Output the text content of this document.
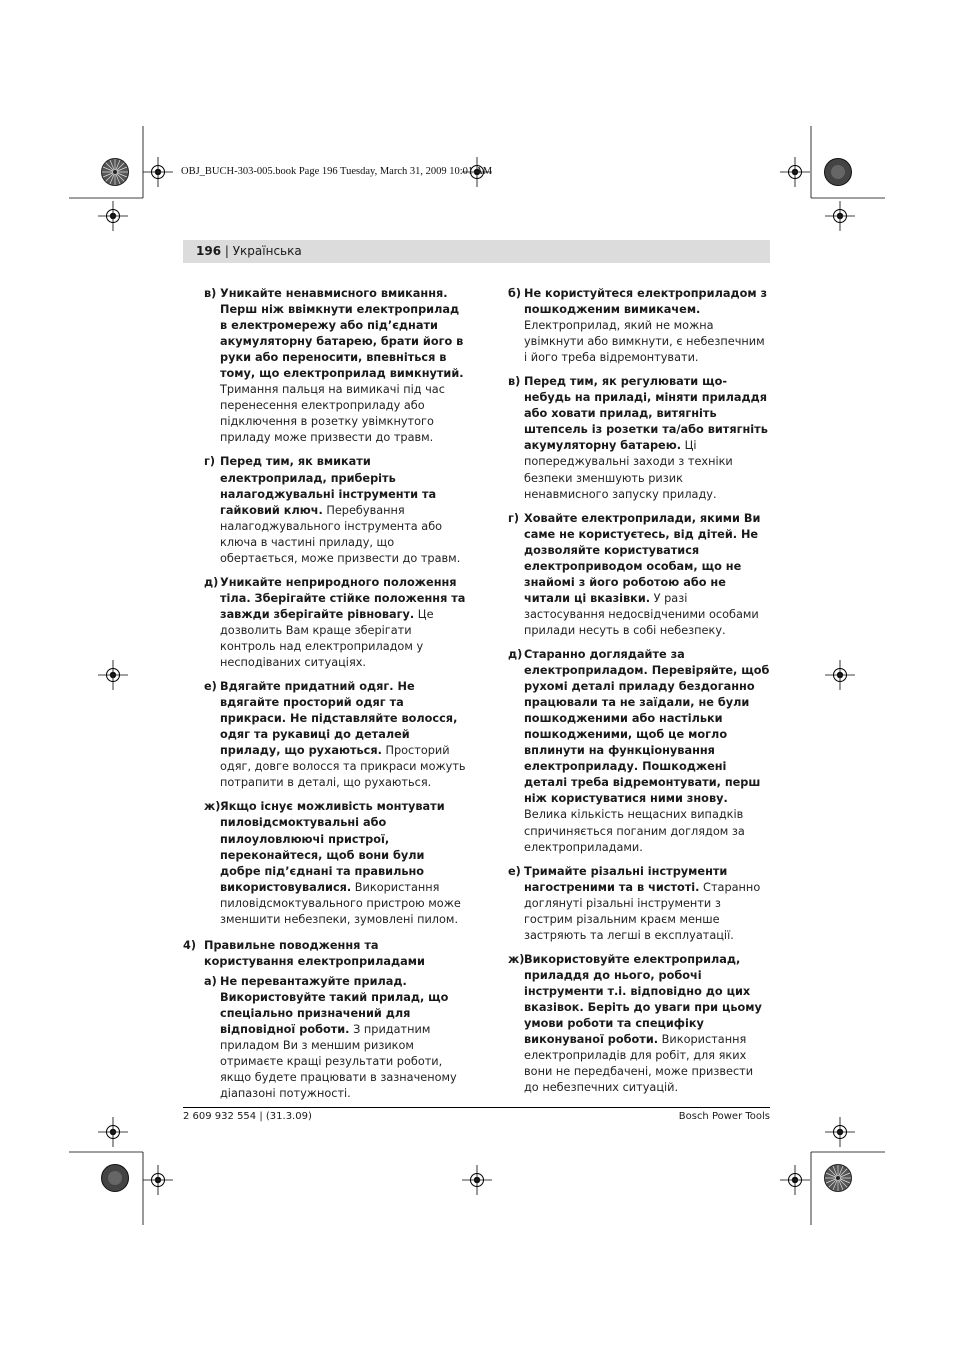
OBJ_BUCH-303-005.book Page 196 Tuesday, March 31, 2009 10:01 AM

196 | Українська
в) Уникайте ненавмисного вмикання. Перш ніж ввімкнути електроприлад в електромережу або під’єднати акумуляторну батарею, брати його в руки або переносити, впевніться в тому, що електроприлад вимкнутий. Тримання пальця на вимикачі під час перенесення електроприладу або підключення в розетку увімкнутого приладу може призвести до травм.
г) Перед тим, як вмикати електроприлад, приберіть налагоджувальні інструменти та гайковий ключ. Перебування налагоджувального інструмента або ключа в частині приладу, що обертається, може призвести до травм.
д) Уникайте неприродного положення тіла. Зберігайте стійке положення та завжди зберігайте рівновагу. Це дозволить Вам краще зберігати контроль над електроприладом у несподіваних ситуаціях.
е) Вдягайте придатний одяг. Не вдягайте просторий одяг та прикраси. Не підставляйте волосся, одяг та рукавиці до деталей приладу, що рухаються. Просторий одяг, довге волосся та прикраси можуть потрапити в деталі, що рухаються.
ж) Якщо існує можливість монтувати пиловідсмоктувальні або пилоуловлюючі пристрої, переконайтеся, щоб вони були добре під’єднані та правильно використовувалися. Використання пиловідсмоктувального пристрою може зменшити небезпеки, зумовлені пилом.
4) Правильне поводження та користування електроприладами
а) Не перевантажуйте прилад. Використовуйте такий прилад, що спеціально призначений для відповідної роботи. З придатним приладом Ви з меншим ризиком отримаєте кращі результати роботи, якщо будете працювати в зазначеному діапазоні потужності.
б) Не користуйтеся електроприладом з пошкодженим вимикачем. Електроприлад, який не можна увімкнути або вимкнути, є небезпечним і його треба відремонтувати.
в) Перед тим, як регулювати що-небудь на приладі, міняти приладдя або ховати прилад, витягніть штепсель із розетки та/або витягніть акумуляторну батарею. Ці попереджувальні заходи з техніки безпеки зменшують ризик ненавмисного запуску приладу.
г) Ховайте електроприлади, якими Ви саме не користуєтесь, від дітей. Не дозволяйте користуватися електроприводом особам, що не знайомі з його роботою або не читали ці вказівки. У разі застосування недосвідченими особами прилади несуть в собі небезпеку.
д) Старанно доглядайте за електроприладом. Перевіряйте, щоб рухомі деталі приладу бездоганно працювали та не заїдали, не були пошкодженими або настільки пошкодженими, щоб це могло вплинути на функціонування електроприладу. Пошкоджені деталі треба відремонтувати, перш ніж користуватися ними знову. Велика кількість нещасних випадків спричиняється поганим доглядом за електроприладами.
е) Тримайте різальні інструменти нагостреними та в чистоті. Старанно доглянуті різальні інструменти з гострим різальним краєм менше застряють та легші в експлуатації.
ж) Використовуйте електроприлад, приладдя до нього, робочі інструменти т.і. відповідно до цих вказівок. Беріть до уваги при цьому умови роботи та специфіку виконуваної роботи. Використання електроприладів для робіт, для яких вони не передбачені, може призвести до небезпечних ситуацій.
2 609 932 554 | (31.3.09)	Bosch Power Tools
